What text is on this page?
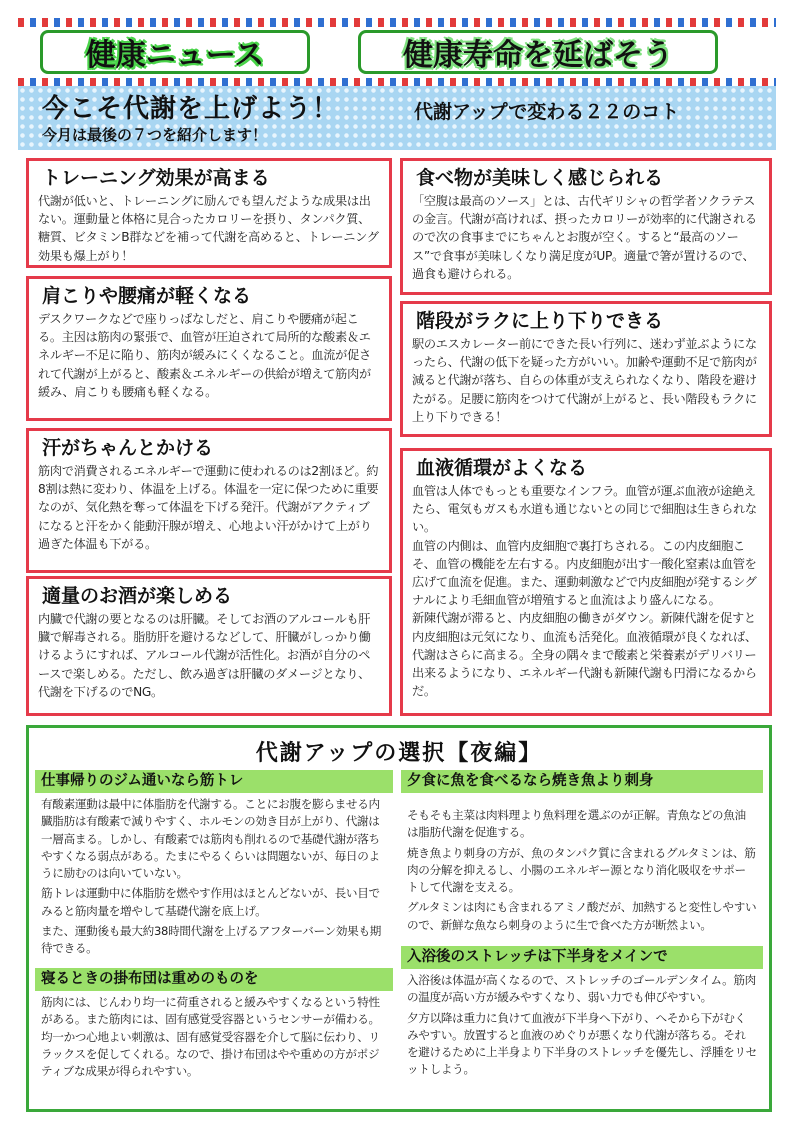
健康ニュース	健康寿命を延ばそう
今こそ代謝を上げよう！
今月は最後の７つを紹介します！
代謝アップで変わる２２のコト
トレーニング効果が高まる

代謝が低いと、トレーニングに励んでも望んだような成果は出ない。運動量と体格に見合ったカロリーを摂り、タンパク質、糖質、ビタミンB群などを補って代謝を高めると、トレーニング効果も爆上がり！

肩こりや腰痛が軽くなる

デスクワークなどで座りっぱなしだと、肩こりや腰痛が起こる。主因は筋肉の緊張で、血管が圧迫されて局所的な酸素＆エネルギー不足に陥り、筋肉が緩みにくくなること。血流が促されて代謝が上がると、酸素＆エネルギーの供給が増えて筋肉が緩み、肩こりも腰痛も軽くなる。

汗がちゃんとかける

筋肉で消費されるエネルギーで運動に使われるのは2割ほど。約8割は熱に変わり、体温を上げる。体温を一定に保つために重要なのが、気化熱を奪って体温を下げる発汗。代謝がアクティブになると汗をかく能動汗腺が増え、心地よい汗がかけて上がり過ぎた体温も下がる。

適量のお酒が楽しめる

内臓で代謝の要となるのは肝臓。そしてお酒のアルコールも肝臓で解毒される。脂肪肝を避けるなどして、肝臓がしっかり働けるようにすれば、アルコール代謝が活性化。お酒が自分のペースで楽しめる。ただし、飲み過ぎは肝臓のダメージとなり、代謝を下げるのでNG。

食べ物が美味しく感じられる

「空腹は最高のソース」とは、古代ギリシャの哲学者ソクラテスの金言。代謝が高ければ、摂ったカロリーが効率的に代謝されるので次の食事までにちゃんとお腹が空く。すると“最高のソース”で食事が美味しくなり満足度がUP。適量で箸が置けるので、過食も避けられる。

階段がラクに上り下りできる

駅のエスカレーター前にできた長い行列に、迷わず並ぶようになったら、代謝の低下を疑った方がいい。加齢や運動不足で筋肉が減ると代謝が落ち、自らの体重が支えられなくなり、階段を避けたがる。足腰に筋肉をつけて代謝が上がると、長い階段もラクに上り下りできる！

血液循環がよくなる

血管は人体でもっとも重要なインフラ。血管が運ぶ血液が途絶えたら、電気もガスも水道も通じないとの同じで細胞は生きられない。

血管の内側は、血管内皮細胞で裏打ちされる。この内皮細胞こそ、血管の機能を左右する。内皮細胞が出す一酸化窒素は血管を広げて血流を促進。また、運動刺激などで内皮細胞が発するシグナルにより毛細血管が増殖すると血流はより盛んになる。

新陳代謝が滞ると、内皮細胞の働きがダウン。新陳代謝を促すと内皮細胞は元気になり、血流も活発化。血液循環が良くなれば、代謝はさらに高まる。全身の隅々まで酸素と栄養素がデリバリー出来るようになり、エネルギー代謝も新陳代謝も円滑になるからだ。

代謝アップの選択【夜編】
仕事帰りのジム通いなら筋トレ

有酸素運動は最中に体脂肪を代謝する。ことにお腹を膨らませる内臓脂肪は有酸素で減りやすく、ホルモンの効き目が上がり、代謝は一層高まる。しかし、有酸素では筋肉も削れるので基礎代謝が落ちやすくなる弱点がある。たまにやるくらいは問題ないが、毎日のように励むのは向いていない。

筋トレは運動中に体脂肪を燃やす作用はほとんどないが、長い目でみると筋肉量を増やして基礎代謝を底上げ。

また、運動後も最大約38時間代謝を上げるアフターバーン効果も期待できる。

寝るときの掛布団は重めのものを

筋肉には、じんわり均一に荷重されると緩みやすくなるという特性がある。また筋肉には、固有感覚受容器というセンサーが備わる。均一かつ心地よい刺激は、固有感覚受容器を介して脳に伝わり、リラックスを促してくれる。なので、掛け布団はやや重めの方がポジティブな成果が得られやすい。

夕食に魚を食べるなら焼き魚より刺身

そもそも主菜は肉料理より魚料理を選ぶのが正解。青魚などの魚油は脂肪代謝を促進する。

焼き魚より刺身の方が、魚のタンパク質に含まれるグルタミンは、筋肉の分解を抑えるし、小腸のエネルギー源となり消化吸収をサポートして代謝を支える。

グルタミンは肉にも含まれるアミノ酸だが、加熱すると変性しやすいので、新鮮な魚なら刺身のように生で食べた方が断然よい。

入浴後のストレッチは下半身をメインで

入浴後は体温が高くなるので、ストレッチのゴールデンタイム。筋肉の温度が高い方が緩みやすくなり、弱い力でも伸びやすい。

夕方以降は重力に負けて血液が下半身へ下がり、へそから下がむくみやすい。放置すると血液のめぐりが悪くなり代謝が落ちる。それを避けるために上半身より下半身のストレッチを優先し、浮腫をリセットしよう。
